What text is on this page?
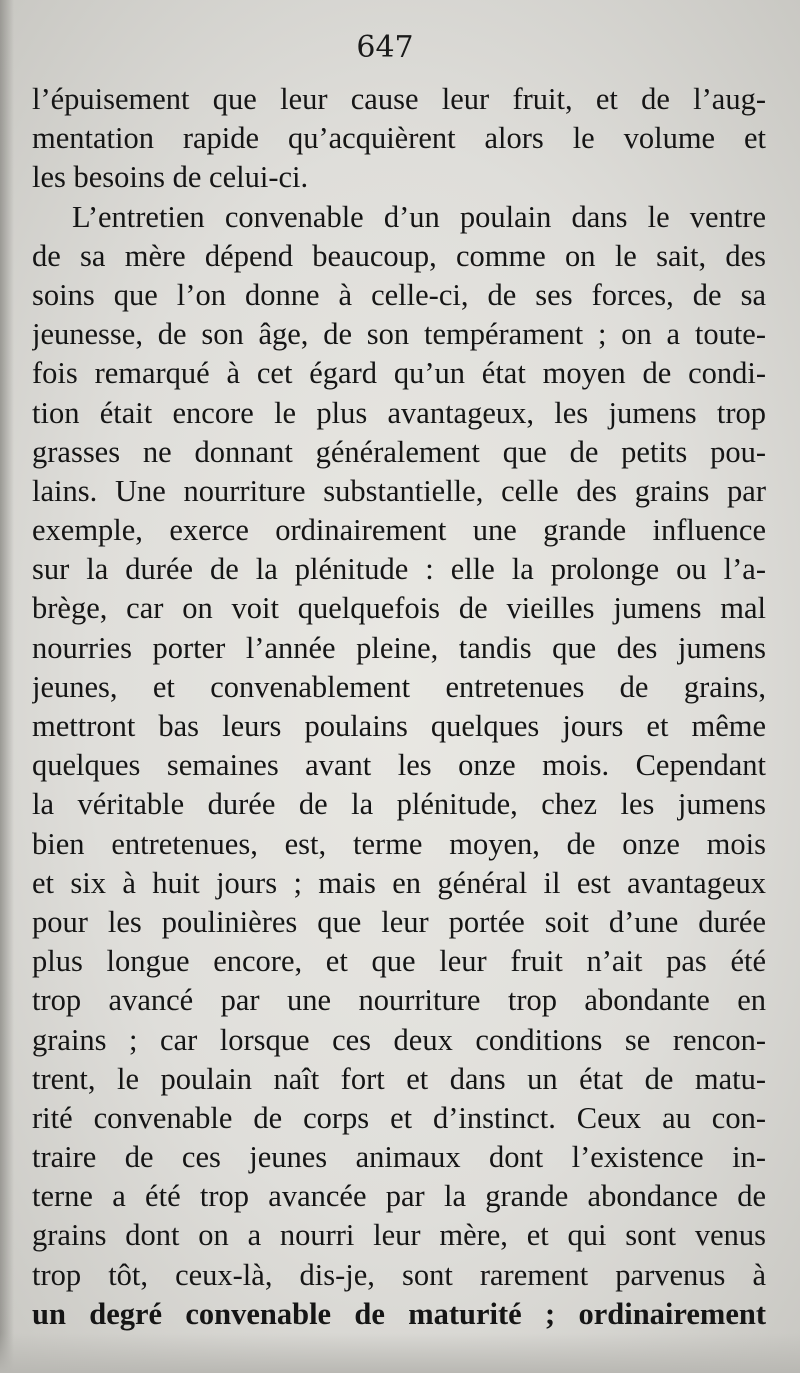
647
l’épuisement que leur cause leur fruit, et de l’aug-
mentation rapide qu’acquièrent alors le volume et
les besoins de celui-ci.
L’entretien convenable d’un poulain dans le ventre
de sa mère dépend beaucoup, comme on le sait, des
soins que l’on donne à celle-ci, de ses forces, de sa
jeunesse, de son âge, de son tempérament ; on a toute-
fois remarqué à cet égard qu’un état moyen de condi-
tion était encore le plus avantageux, les jumens trop
grasses ne donnant généralement que de petits pou-
lains. Une nourriture substantielle, celle des grains par
exemple, exerce ordinairement une grande influence
sur la durée de la plénitude : elle la prolonge ou l’a-
brège, car on voit quelquefois de vieilles jumens mal
nourries porter l’année pleine, tandis que des jumens
jeunes, et convenablement entretenues de grains,
mettront bas leurs poulains quelques jours et même
quelques semaines avant les onze mois. Cependant
la véritable durée de la plénitude, chez les jumens
bien entretenues, est, terme moyen, de onze mois
et six à huit jours ; mais en général il est avantageux
pour les poulinières que leur portée soit d’une durée
plus longue encore, et que leur fruit n’ait pas été
trop avancé par une nourriture trop abondante en
grains ; car lorsque ces deux conditions se rencon-
trent, le poulain naît fort et dans un état de matu-
rité convenable de corps et d’instinct. Ceux au con-
traire de ces jeunes animaux dont l’existence in-
terne a été trop avancée par la grande abondance de
grains dont on a nourri leur mère, et qui sont venus
trop tôt, ceux-là, dis-je, sont rarement parvenus à
un degré convenable de maturité ; ordinairement
